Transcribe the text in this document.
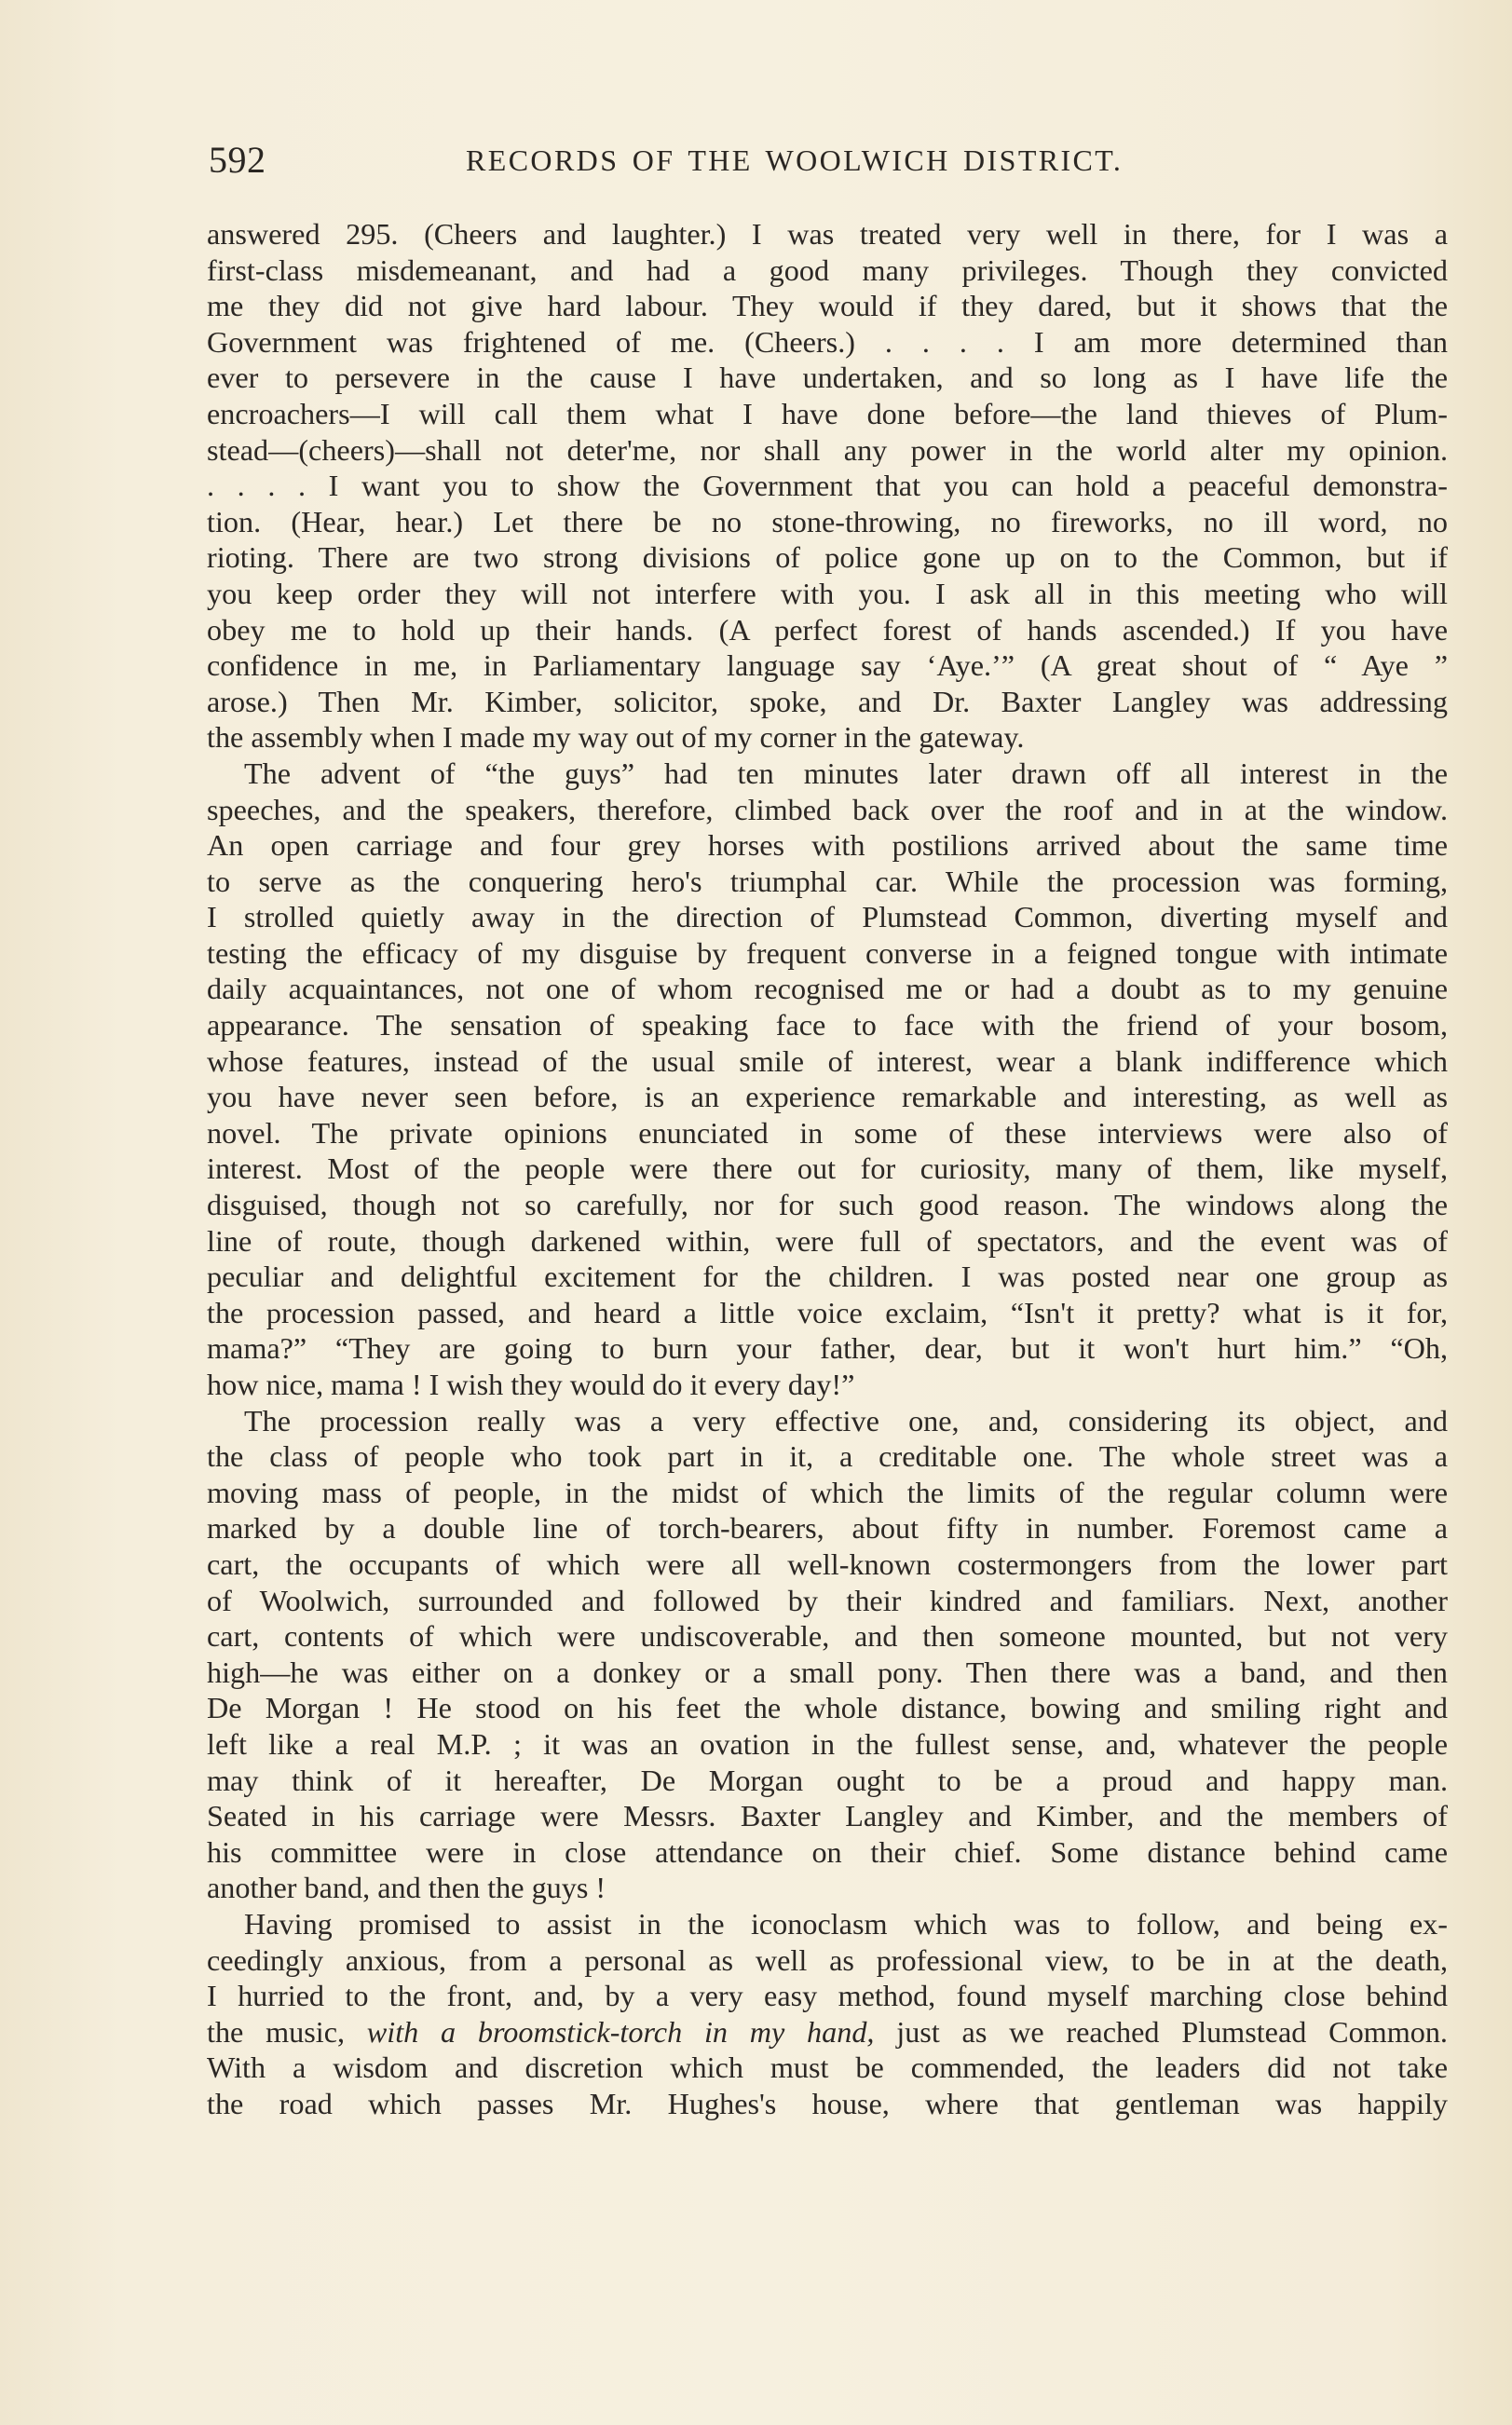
592	RECORDS OF THE WOOLWICH DISTRICT.
answered 295. (Cheers and laughter.) I was treated very well in there, for I was a
first-class misdemeanant, and had a good many privileges. Though they convicted
me they did not give hard labour. They would if they dared, but it shows that the
Government was frightened of me. (Cheers.) . . . . I am more determined than
ever to persevere in the cause I have undertaken, and so long as I have life the
encroachers—I will call them what I have done before—the land thieves of Plum-
stead—(cheers)—shall not deter'me, nor shall any power in the world alter my opinion.
. . . . I want you to show the Government that you can hold a peaceful demonstra-
tion. (Hear, hear.) Let there be no stone-throwing, no fireworks, no ill word, no
rioting. There are two strong divisions of police gone up on to the Common, but if
you keep order they will not interfere with you. I ask all in this meeting who will
obey me to hold up their hands. (A perfect forest of hands ascended.) If you have
confidence in me, in Parliamentary language say ‘Aye.’” (A great shout of “ Aye ”
arose.) Then Mr. Kimber, solicitor, spoke, and Dr. Baxter Langley was addressing
the assembly when I made my way out of my corner in the gateway.
The advent of “the guys” had ten minutes later drawn off all interest in the
speeches, and the speakers, therefore, climbed back over the roof and in at the window.
An open carriage and four grey horses with postilions arrived about the same time
to serve as the conquering hero's triumphal car. While the procession was forming,
I strolled quietly away in the direction of Plumstead Common, diverting myself and
testing the efficacy of my disguise by frequent converse in a feigned tongue with intimate
daily acquaintances, not one of whom recognised me or had a doubt as to my genuine
appearance. The sensation of speaking face to face with the friend of your bosom,
whose features, instead of the usual smile of interest, wear a blank indifference which
you have never seen before, is an experience remarkable and interesting, as well as
novel. The private opinions enunciated in some of these interviews were also of
interest. Most of the people were there out for curiosity, many of them, like myself,
disguised, though not so carefully, nor for such good reason. The windows along the
line of route, though darkened within, were full of spectators, and the event was of
peculiar and delightful excitement for the children. I was posted near one group as
the procession passed, and heard a little voice exclaim, “Isn't it pretty? what is it for,
mama?” “They are going to burn your father, dear, but it won't hurt him.” “Oh,
how nice, mama ! I wish they would do it every day!”
The procession really was a very effective one, and, considering its object, and
the class of people who took part in it, a creditable one. The whole street was a
moving mass of people, in the midst of which the limits of the regular column were
marked by a double line of torch-bearers, about fifty in number. Foremost came a
cart, the occupants of which were all well-known costermongers from the lower part
of Woolwich, surrounded and followed by their kindred and familiars. Next, another
cart, contents of which were undiscoverable, and then someone mounted, but not very
high—he was either on a donkey or a small pony. Then there was a band, and then
De Morgan ! He stood on his feet the whole distance, bowing and smiling right and
left like a real M.P. ; it was an ovation in the fullest sense, and, whatever the people
may think of it hereafter, De Morgan ought to be a proud and happy man.
Seated in his carriage were Messrs. Baxter Langley and Kimber, and the members of
his committee were in close attendance on their chief. Some distance behind came
another band, and then the guys !
Having promised to assist in the iconoclasm which was to follow, and being ex-
ceedingly anxious, from a personal as well as professional view, to be in at the death,
I hurried to the front, and, by a very easy method, found myself marching close behind
the music, with a broomstick-torch in my hand, just as we reached Plumstead Common.
With a wisdom and discretion which must be commended, the leaders did not take
the road which passes Mr. Hughes's house, where that gentleman was happily
